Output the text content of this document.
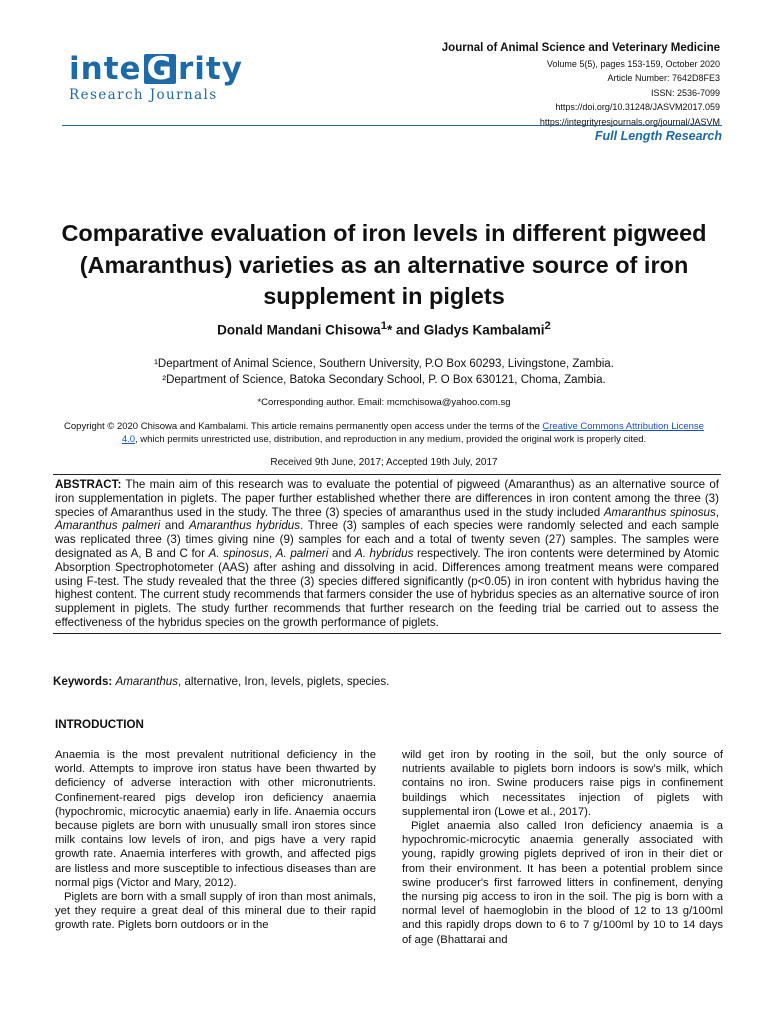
inte G rity
Research Journals
Journal of Animal Science and Veterinary Medicine
Volume 5(5), pages 153-159, October 2020
Article Number: 7642D8FE3
ISSN: 2536-7099
https://doi.org/10.31248/JASVM2017.059
https://integrityresjournals.org/journal/JASVM
Full Length Research
Comparative evaluation of iron levels in different pigweed (Amaranthus) varieties as an alternative source of iron supplement in piglets
Donald Mandani Chisowa$^1$* and Gladys Kambalami$^2$
¹Department of Animal Science, Southern University, P.O Box 60293, Livingstone, Zambia.
²Department of Science, Batoka Secondary School, P. O Box 630121, Choma, Zambia.
*Corresponding author. Email: mcmchisowa@yahoo.com.sg
Copyright © 2020 Chisowa and Kambalami. This article remains permanently open access under the terms of the Creative Commons Attribution License 4.0, which permits unrestricted use, distribution, and reproduction in any medium, provided the original work is properly cited.
Received 9th June, 2017; Accepted 19th July, 2017
ABSTRACT: The main aim of this research was to evaluate the potential of pigweed (Amaranthus) as an alternative source of iron supplementation in piglets. The paper further established whether there are differences in iron content among the three (3) species of Amaranthus used in the study. The three (3) species of amaranthus used in the study included Amaranthus spinosus, Amaranthus palmeri and Amaranthus hybridus. Three (3) samples of each species were randomly selected and each sample was replicated three (3) times giving nine (9) samples for each and a total of twenty seven (27) samples. The samples were designated as A, B and C for A. spinosus, A. palmeri and A. hybridus respectively. The iron contents were determined by Atomic Absorption Spectrophotometer (AAS) after ashing and dissolving in acid. Differences among treatment means were compared using F-test. The study revealed that the three (3) species differed significantly (p<0.05) in iron content with hybridus having the highest content. The current study recommends that farmers consider the use of hybridus species as an alternative source of iron supplement in piglets. The study further recommends that further research on the feeding trial be carried out to assess the effectiveness of the hybridus species on the growth performance of piglets.
Keywords: Amaranthus, alternative, Iron, levels, piglets, species.
INTRODUCTION

Anaemia is the most prevalent nutritional deficiency in the world. Attempts to improve iron status have been thwarted by deficiency of adverse interaction with other micronutrients. Confinement-reared pigs develop iron deficiency anaemia (hypochromic, microcytic anaemia) early in life. Anaemia occurs because piglets are born with unusually small iron stores since milk contains low levels of iron, and pigs have a very rapid growth rate. Anaemia interferes with growth, and affected pigs are listless and more susceptible to infectious diseases than are normal pigs (Victor and Mary, 2012).

Piglets are born with a small supply of iron than most animals, yet they require a great deal of this mineral due to their rapid growth rate. Piglets born outdoors or in the

wild get iron by rooting in the soil, but the only source of nutrients available to piglets born indoors is sow’s milk, which contains no iron. Swine producers raise pigs in confinement buildings which necessitates injection of piglets with supplemental iron (Lowe et al., 2017).

Piglet anaemia also called Iron deficiency anaemia is a hypochromic-microcytic anaemia generally associated with young, rapidly growing piglets deprived of iron in their diet or from their environment. It has been a potential problem since swine producer's first farrowed litters in confinement, denying the nursing pig access to iron in the soil. The pig is born with a normal level of haemoglobin in the blood of 12 to 13 g/100ml and this rapidly drops down to 6 to 7 g/100ml by 10 to 14 days of age (Bhattarai and
